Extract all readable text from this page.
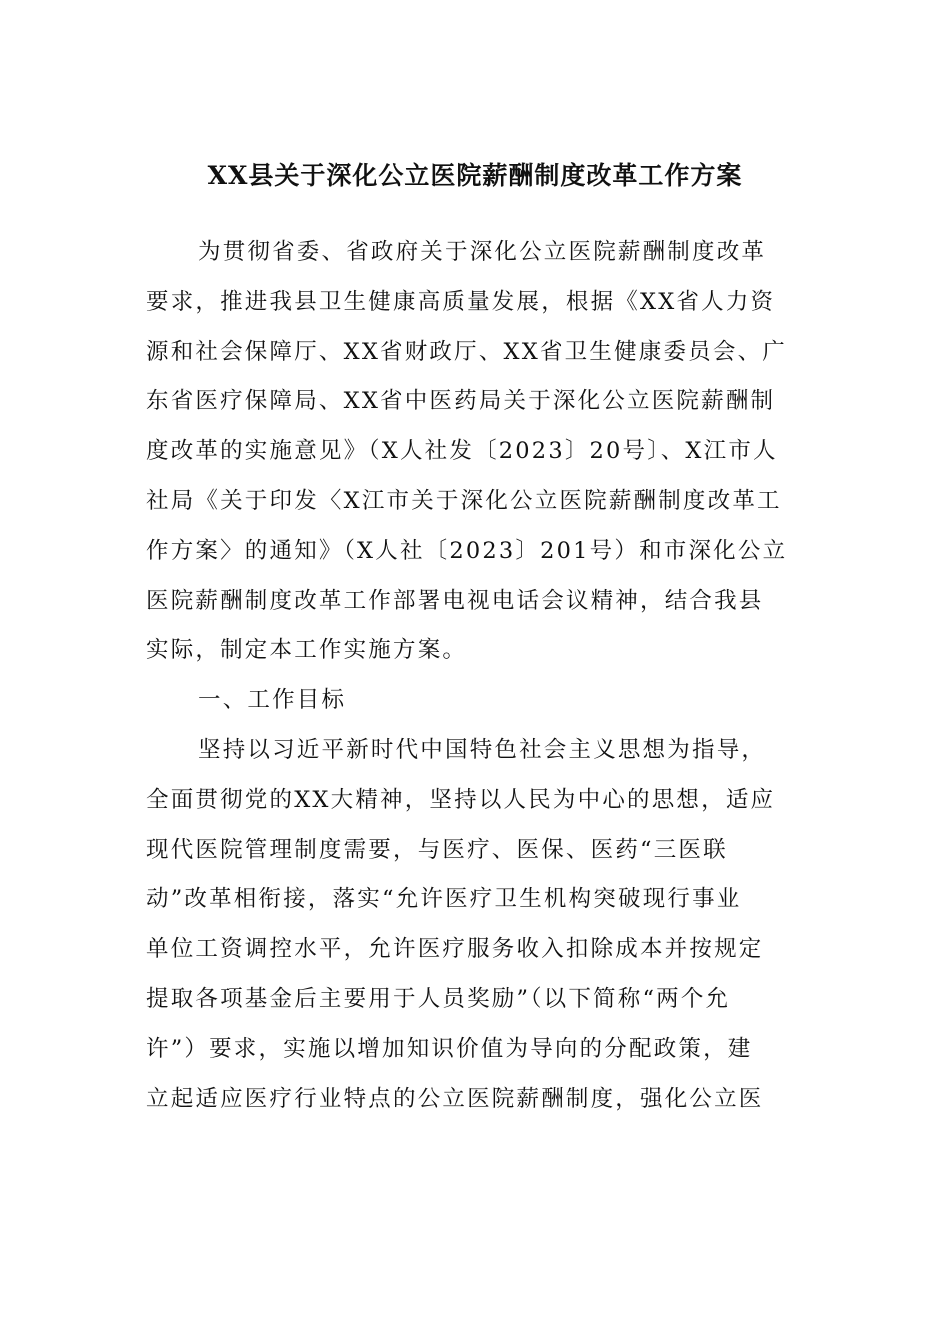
XX县关于深化公立医院薪酬制度改革工作方案
为贯彻省委、省政府关于深化公立医院薪酬制度改革
要求，推进我县卫生健康高质量发展，根据《XX省人力资
源和社会保障厅、XX省财政厅、XX省卫生健康委员会、广
东省医疗保障局、XX省中医药局关于深化公立医院薪酬制
度改革的实施意见》（X人社发〔2023〕20号〕、X江市人
社局《关于印发〈X江市关于深化公立医院薪酬制度改革工
作方案〉的通知》（X人社〔2023〕201号）和市深化公立
医院薪酬制度改革工作部署电视电话会议精神，结合我县
实际，制定本工作实施方案。
一、工作目标
坚持以习近平新时代中国特色社会主义思想为指导，
全面贯彻党的XX大精神，坚持以人民为中心的思想，适应
现代医院管理制度需要，与医疗、医保、医药“三医联
动”改革相衔接，落实“允许医疗卫生机构突破现行事业
单位工资调控水平，允许医疗服务收入扣除成本并按规定
提取各项基金后主要用于人员奖励”（以下简称“两个允
许”）要求，实施以增加知识价值为导向的分配政策，建
立起适应医疗行业特点的公立医院薪酬制度，强化公立医
